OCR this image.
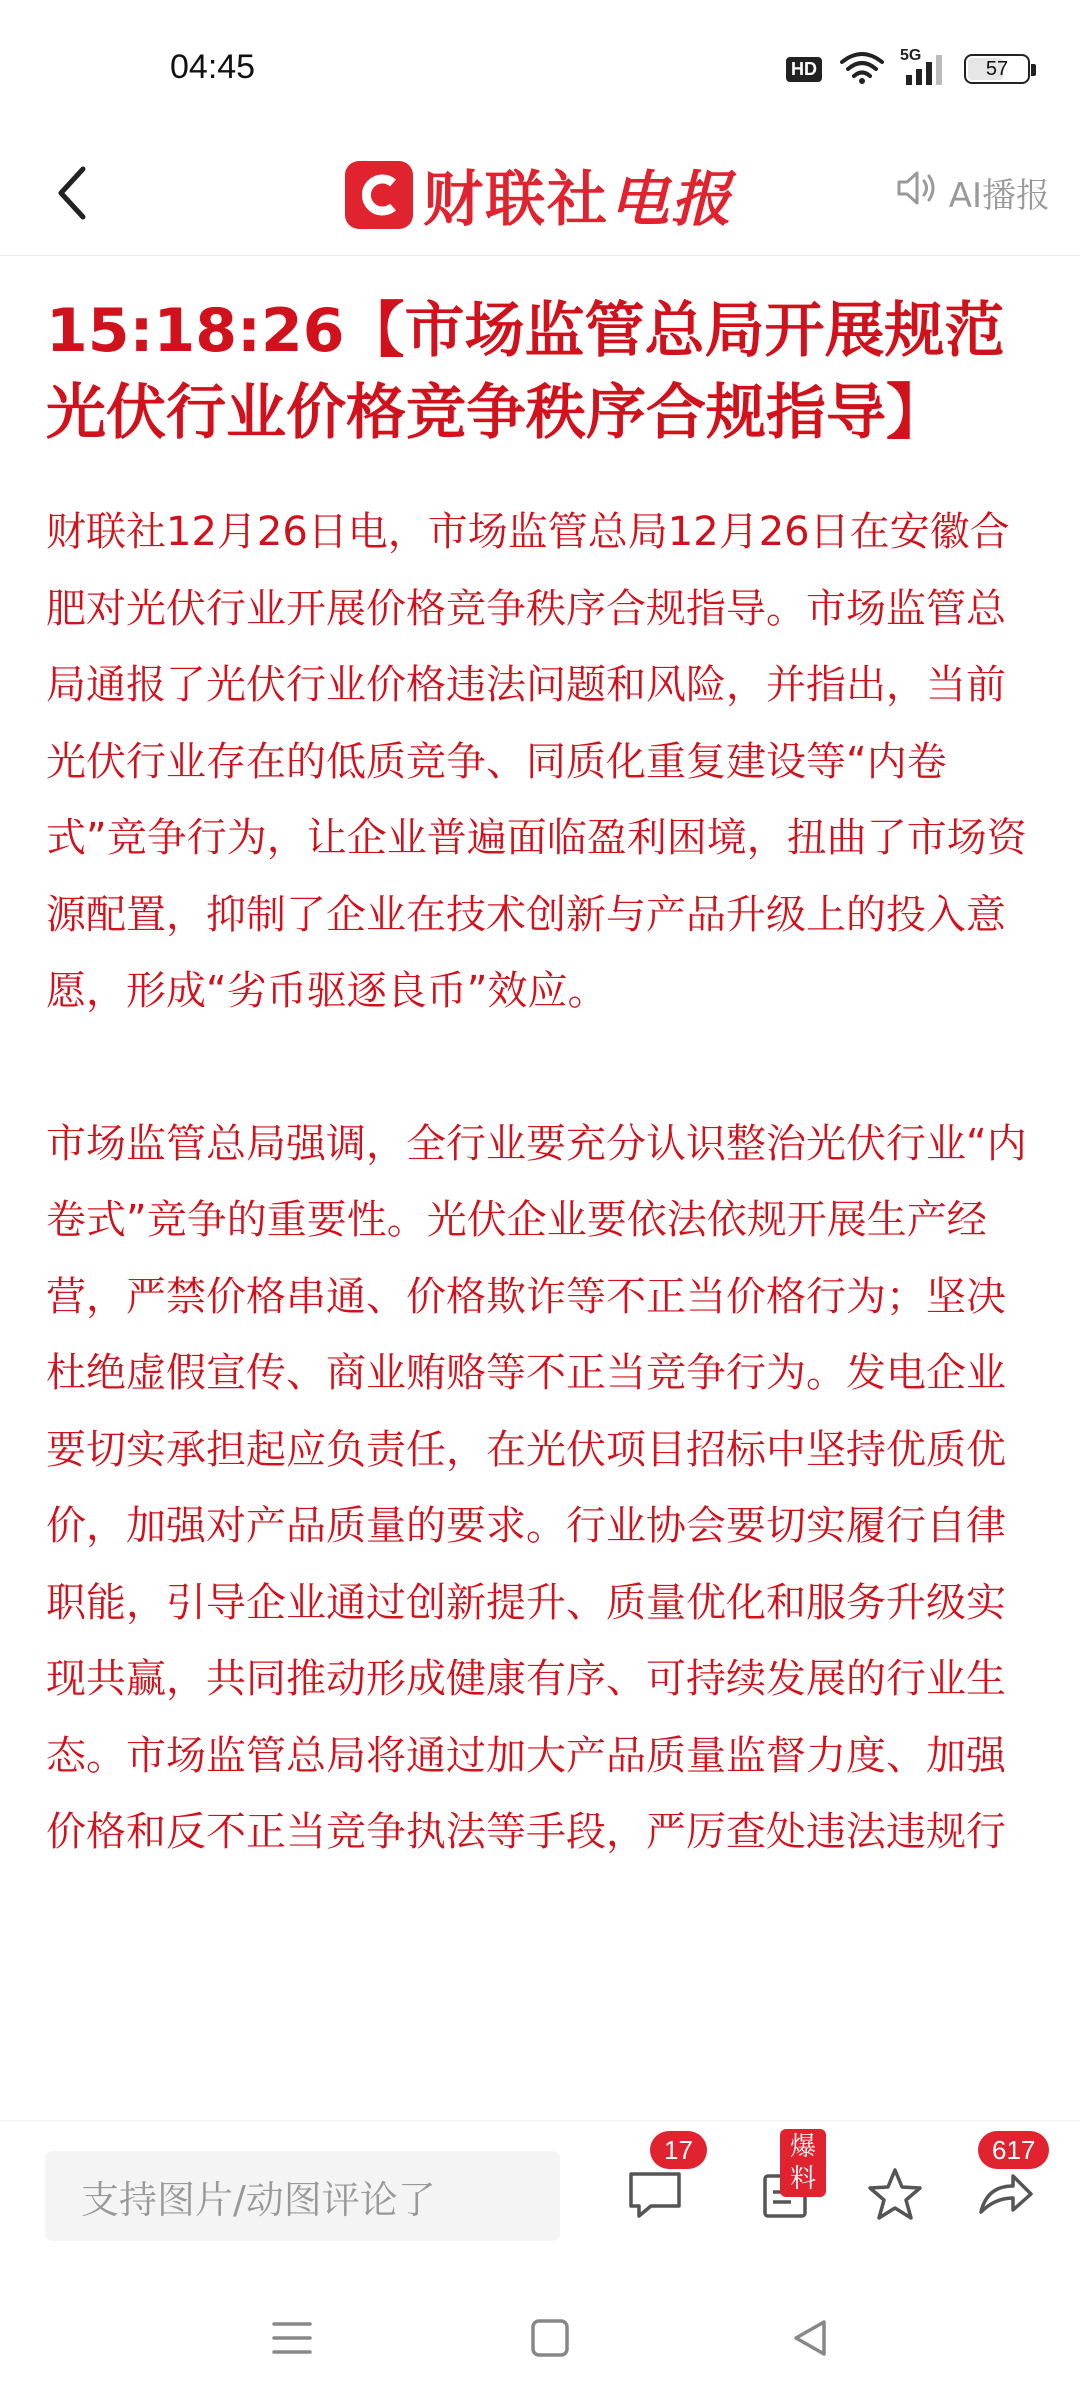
04:45	HD
5G
57
财联社电报	AI播报
15:18:26【市场监管总局开展规范光伏行业价格竞争秩序合规指导】

财联社12月26日电，市场监管总局12月26日在安徽合肥对光伏行业开展价格竞争秩序合规指导。市场监管总局通报了光伏行业价格违法问题和风险，并指出，当前光伏行业存在的低质竞争、同质化重复建设等“内卷式”竞争行为，让企业普遍面临盈利困境，扭曲了市场资源配置，抑制了企业在技术创新与产品升级上的投入意愿，形成“劣币驱逐良币”效应。

市场监管总局强调，全行业要充分认识整治光伏行业“内卷式”竞争的重要性。光伏企业要依法依规开展生产经营，严禁价格串通、价格欺诈等不正当价格行为；坚决杜绝虚假宣传、商业贿赂等不正当竞争行为。发电企业要切实承担起应负责任，在光伏项目招标中坚持优质优价，加强对产品质量的要求。行业协会要切实履行自律职能，引导企业通过创新提升、质量优化和服务升级实现共赢，共同推动形成健康有序、可持续发展的行业生态。市场监管总局将通过加大产品质量监督力度、加强价格和反不正当竞争执法等手段，严厉查处违法违规行

支持图片/动图评论了
17	爆料
617
